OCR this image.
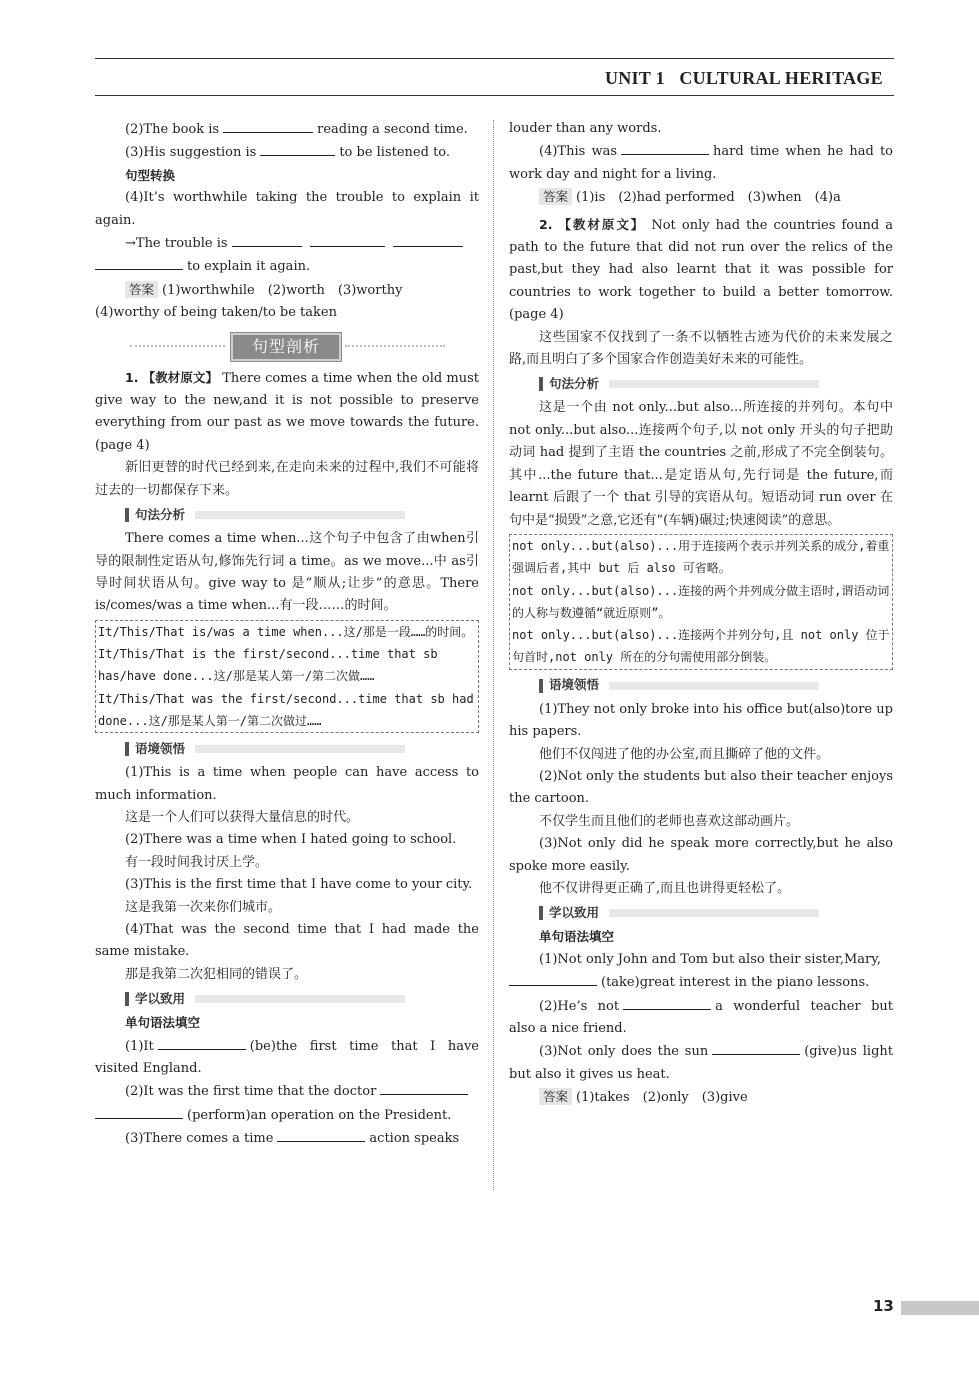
UNIT 1   CULTURAL HERITAGE

(2)The book is	reading a second time.

(3)His suggestion is	to be listened to.

句型转换

(4)It’s worthwhile taking the trouble to explain it again.

→The trouble is

to explain it again.

答案 (1)worthwhile　(2)worth　(3)worthy

(4)worthy of being taken/to be taken

句型剖析

1. 【教材原文】 There comes a time when the old must give way to the new,and it is not possible to preserve everything from our past as we move towards the future.(page 4)

新旧更替的时代已经到来,在走向未来的过程中,我们不可能将过去的一切都保存下来。

句法分析

There comes a time when...这个句子中包含了由when引导的限制性定语从句,修饰先行词 a time。as we move...中 as引导时间状语从句。give way to 是“顺从;让步”的意思。There is/comes/was a time when...有一段……的时间。

It/This/That is/was a time when...这/那是一段……的时间。
It/This/That is the first/second...time that sb has/have done...这/那是某人第一/第二次做……
It/This/That was the first/second...time that sb had done...这/那是某人第一/第二次做过……
语境领悟

(1)This is a time when people can have access to much information.

这是一个人们可以获得大量信息的时代。

(2)There was a time when I hated going to school.

有一段时间我讨厌上学。

(3)This is the first time that I have come to your city.

这是我第一次来你们城市。

(4)That was the second time that I had made the same mistake.

那是我第二次犯相同的错误了。

学以致用

单句语法填空

(1)It	(be)the first time that I have visited England.

(2)It was the first time that the doctor

(perform)an operation on the President.

(3)There comes a time	action speaks

louder than any words.

(4)This was	hard time when he had to work day and night for a living.

答案 (1)is　(2)had performed　(3)when　(4)a

2. 【教材原文】 Not only had the countries found a path to the future that did not run over the relics of the past,but they had also learnt that it was possible for countries to work together to build a better tomorrow.(page 4)

这些国家不仅找到了一条不以牺牲古迹为代价的未来发展之路,而且明白了多个国家合作创造美好未来的可能性。

句法分析

这是一个由 not only...but also...所连接的并列句。本句中 not only...but also...连接两个句子,以 not only 开头的句子把助动词 had 提到了主语 the countries 之前,形成了不完全倒装句。其中...the future that...是定语从句,先行词是 the future,而 learnt 后跟了一个 that 引导的宾语从句。短语动词 run over 在句中是“损毁”之意,它还有“(车辆)碾过;快速阅读”的意思。

not only...but(also)...用于连接两个表示并列关系的成分,着重强调后者,其中 but 后 also 可省略。
not only...but(also)...连接的两个并列成分做主语时,谓语动词的人称与数遵循“就近原则”。
not only...but(also)...连接两个并列分句,且 not only 位于句首时,not only 所在的分句需使用部分倒装。
语境领悟

(1)They not only broke into his office but(also)tore up his papers.

他们不仅闯进了他的办公室,而且撕碎了他的文件。

(2)Not only the students but also their teacher enjoys the cartoon.

不仅学生而且他们的老师也喜欢这部动画片。

(3)Not only did he speak more correctly,but he also spoke more easily.

他不仅讲得更正确了,而且也讲得更轻松了。

学以致用

单句语法填空

(1)Not only John and Tom but also their sister,Mary,

(take)great interest in the piano lessons.

(2)He’s not	a wonderful teacher but also a nice friend.

(3)Not only does the sun	(give)us light but also it gives us heat.

答案 (1)takes　(2)only　(3)give

13
